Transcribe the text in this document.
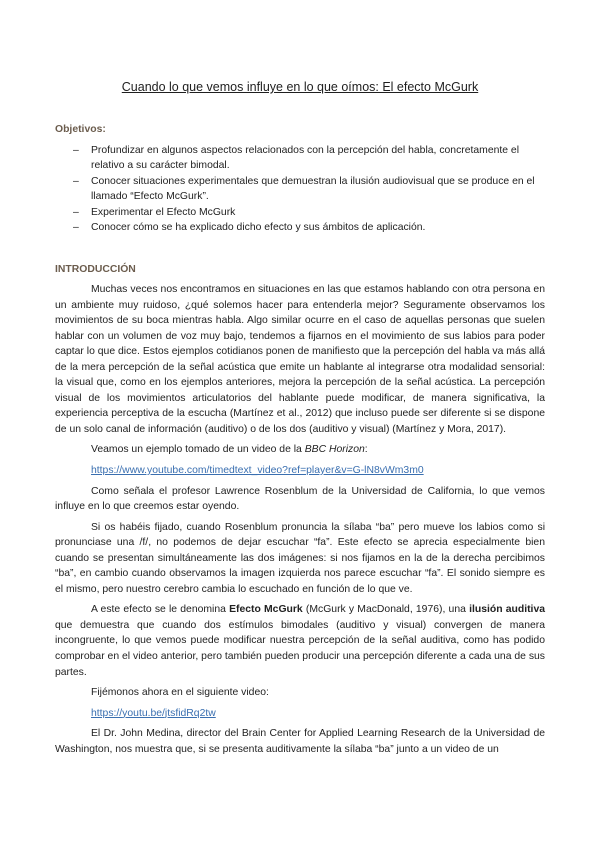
Cuando lo que vemos influye en lo que oímos: El efecto McGurk
Objetivos:
– Profundizar en algunos aspectos relacionados con la percepción del habla, concretamente el relativo a su carácter bimodal.
– Conocer situaciones experimentales que demuestran la ilusión audiovisual que se produce en el llamado “Efecto McGurk”.
– Experimentar el Efecto McGurk
– Conocer cómo se ha explicado dicho efecto y sus ámbitos de aplicación.
INTRODUCCIÓN

Muchas veces nos encontramos en situaciones en las que estamos hablando con otra persona en un ambiente muy ruidoso, ¿qué solemos hacer para entenderla mejor? Seguramente observamos los movimientos de su boca mientras habla. Algo similar ocurre en el caso de aquellas personas que suelen hablar con un volumen de voz muy bajo, tendemos a fijarnos en el movimiento de sus labios para poder captar lo que dice. Estos ejemplos cotidianos ponen de manifiesto que la percepción del habla va más allá de la mera percepción de la señal acústica que emite un hablante al integrarse otra modalidad sensorial: la visual que, como en los ejemplos anteriores, mejora la percepción de la señal acústica. La percepción visual de los movimientos articulatorios del hablante puede modificar, de manera significativa, la experiencia perceptiva de la escucha (Martínez et al., 2012) que incluso puede ser diferente si se dispone de un solo canal de información (auditivo) o de los dos (auditivo y visual) (Martínez y Mora, 2017).

Veamos un ejemplo tomado de un video de la BBC Horizon:

https://www.youtube.com/timedtext_video?ref=player&v=G-lN8vWm3m0

Como señala el profesor Lawrence Rosenblum de la Universidad de California, lo que vemos influye en lo que creemos estar oyendo.

Si os habéis fijado, cuando Rosenblum pronuncia la sílaba “ba” pero mueve los labios como si pronunciase una /f/, no podemos de dejar escuchar “fa”. Este efecto se aprecia especialmente bien cuando se presentan simultáneamente las dos imágenes: si nos fijamos en la de la derecha percibimos “ba”, en cambio cuando observamos la imagen izquierda nos parece escuchar “fa”. El sonido siempre es el mismo, pero nuestro cerebro cambia lo escuchado en función de lo que ve.

A este efecto se le denomina Efecto McGurk (McGurk y MacDonald, 1976), una ilusión auditiva que demuestra que cuando dos estímulos bimodales (auditivo y visual) convergen de manera incongruente, lo que vemos puede modificar nuestra percepción de la señal auditiva, como has podido comprobar en el video anterior, pero también pueden producir una percepción diferente a cada una de sus partes.

Fijémonos ahora en el siguiente video:

https://youtu.be/jtsfidRq2tw

El Dr. John Medina, director del Brain Center for Applied Learning Research de la Universidad de Washington, nos muestra que, si se presenta auditivamente la sílaba “ba” junto a un video de un
